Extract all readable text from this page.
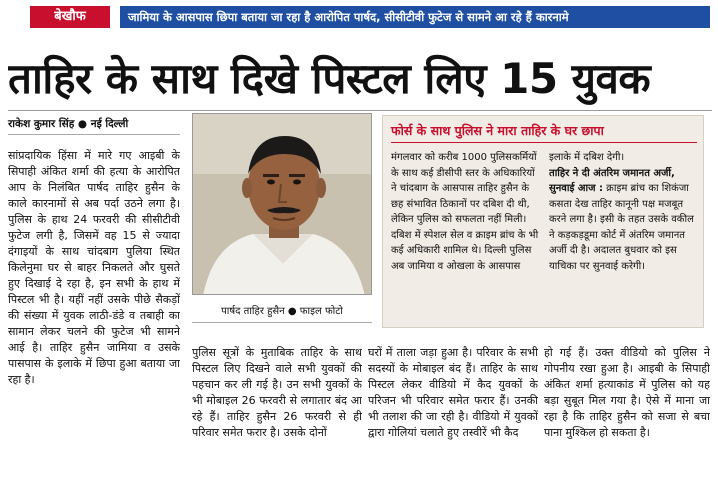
बेखौफ	जामिया के आसपास छिपा बताया जा रहा है आरोपित पार्षद, सीसीटीवी फुटेज से सामने आ रहे हैं कारनामे
ताहिर के साथ दिखे पिस्टल लिए 15 युवक
राकेश कुमार सिंह ● नई दिल्ली

सांप्रदायिक हिंसा में मारे गए आइबी के सिपाही अंकित शर्मा की हत्या के आरोपित आप के निलंबित पार्षद ताहिर हुसैन के काले कारनामों से अब पर्दा उठने लगा है। पुलिस के हाथ 24 फरवरी की सीसीटीवी फुटेज लगी है, जिसमें वह 15 से ज्यादा दंगाइयों के साथ चांदबाग पुलिया स्थित किलेनुमा घर से बाहर निकलते और घुसते हुए दिखाई दे रहा है, इन सभी के हाथ में पिस्टल भी है। यहीं नहीं उसके पीछे सैकड़ों की संख्या में युवक लाठी-डंडे व तबाही का सामान लेकर चलने की फुटेज भी सामने आई है। ताहिर हुसैन जामिया व उसके पासपास के इलाके में छिपा हुआ बताया जा रहा है।

पार्षद ताहिर हुसैन ● फाइल फोटो
फोर्स के साथ पुलिस ने मारा ताहिर के घर छापा

मंगलवार को करीब 1000 पुलिसकर्मियों के साथ कई डीसीपी स्तर के अधिकारियों ने चांदबाग के आसपास ताहिर हुसैन के छह संभावित ठिकानों पर दबिश दी थी, लेकिन पुलिस को सफलता नहीं मिली। दबिश में स्पेशल सेल व क्राइम ब्रांच के भी कई अधिकारी शामिल थे। दिल्ली पुलिस अब जामिया व ओखला के आसपास

इलाके में दबिश देगी।
ताहिर ने दी अंतरिम जमानत अर्जी, सुनवाई आज : क्राइम ब्रांच का शिकंजा कसता देख ताहिर कानूनी पक्ष मजबूत करने लगा है। इसी के तहत उसके वकील ने कड़कड़डूमा कोर्ट में अंतरिम जमानत अर्जी दी है। अदालत बुधवार को इस याचिका पर सुनवाई करेगी।

पुलिस सूत्रों के मुताबिक ताहिर के साथ पिस्टल लिए दिखने वाले सभी युवकों की पहचान कर ली गई है। उन सभी युवकों के भी मोबाइल 26 फरवरी से लगातार बंद आ रहे हैं। ताहिर हुसैन 26 फरवरी से ही परिवार समेत फरार है। उसके दोनों

घरों में ताला जड़ा हुआ है। परिवार के सभी सदस्यों के मोबाइल बंद हैं। ताहिर के साथ पिस्टल लेकर वीडियो में कैद युवकों के परिजन भी परिवार समेत फरार हैं। उनकी भी तलाश की जा रही है। वीडियो में युवकों द्वारा गोलियां चलाते हुए तस्वीरें भी कैद

हो गई हैं। उक्त वीडियो को पुलिस ने गोपनीय रखा हुआ है। आइबी के सिपाही अंकित शर्मा हत्याकांड में पुलिस को यह बड़ा सुबूत मिल गया है। ऐसे में माना जा रहा है कि ताहिर हुसैन को सजा से बचा पाना मुश्किल हो सकता है।
